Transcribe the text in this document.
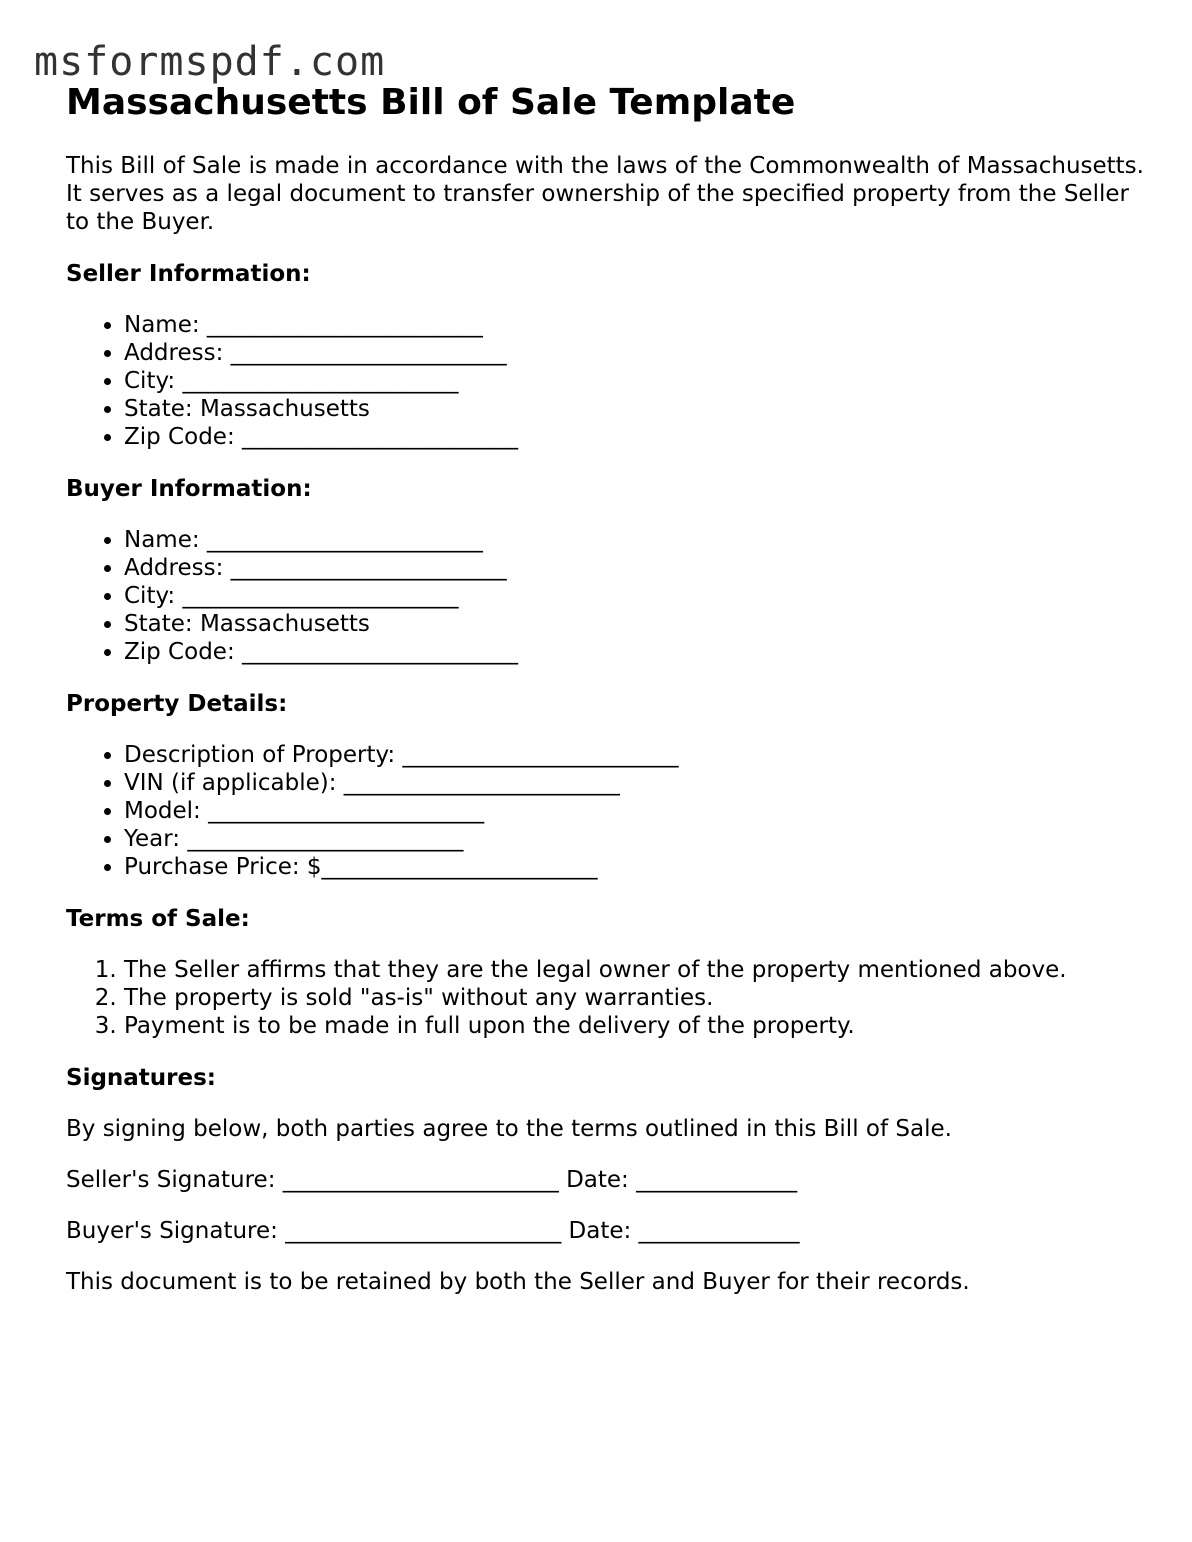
msformspdf.com
Massachusetts Bill of Sale Template

This Bill of Sale is made in accordance with the laws of the Commonwealth of Massachusetts. It serves as a legal document to transfer ownership of the specified property from the Seller to the Buyer.

Seller Information:
• Name: ________________________
• Address: ________________________
• City: ________________________
• State: Massachusetts
• Zip Code: ________________________
Buyer Information:
• Name: ________________________
• Address: ________________________
• City: ________________________
• State: Massachusetts
• Zip Code: ________________________
Property Details:
• Description of Property: ________________________
• VIN (if applicable): ________________________
• Model: ________________________
• Year: ________________________
• Purchase Price: $________________________
Terms of Sale:
1. The Seller affirms that they are the legal owner of the property mentioned above.
2. The property is sold "as-is" without any warranties.
3. Payment is to be made in full upon the delivery of the property.
Signatures:

By signing below, both parties agree to the terms outlined in this Bill of Sale.

Seller's Signature: ________________________ Date: ______________

Buyer's Signature: ________________________ Date: ______________

This document is to be retained by both the Seller and Buyer for their records.
